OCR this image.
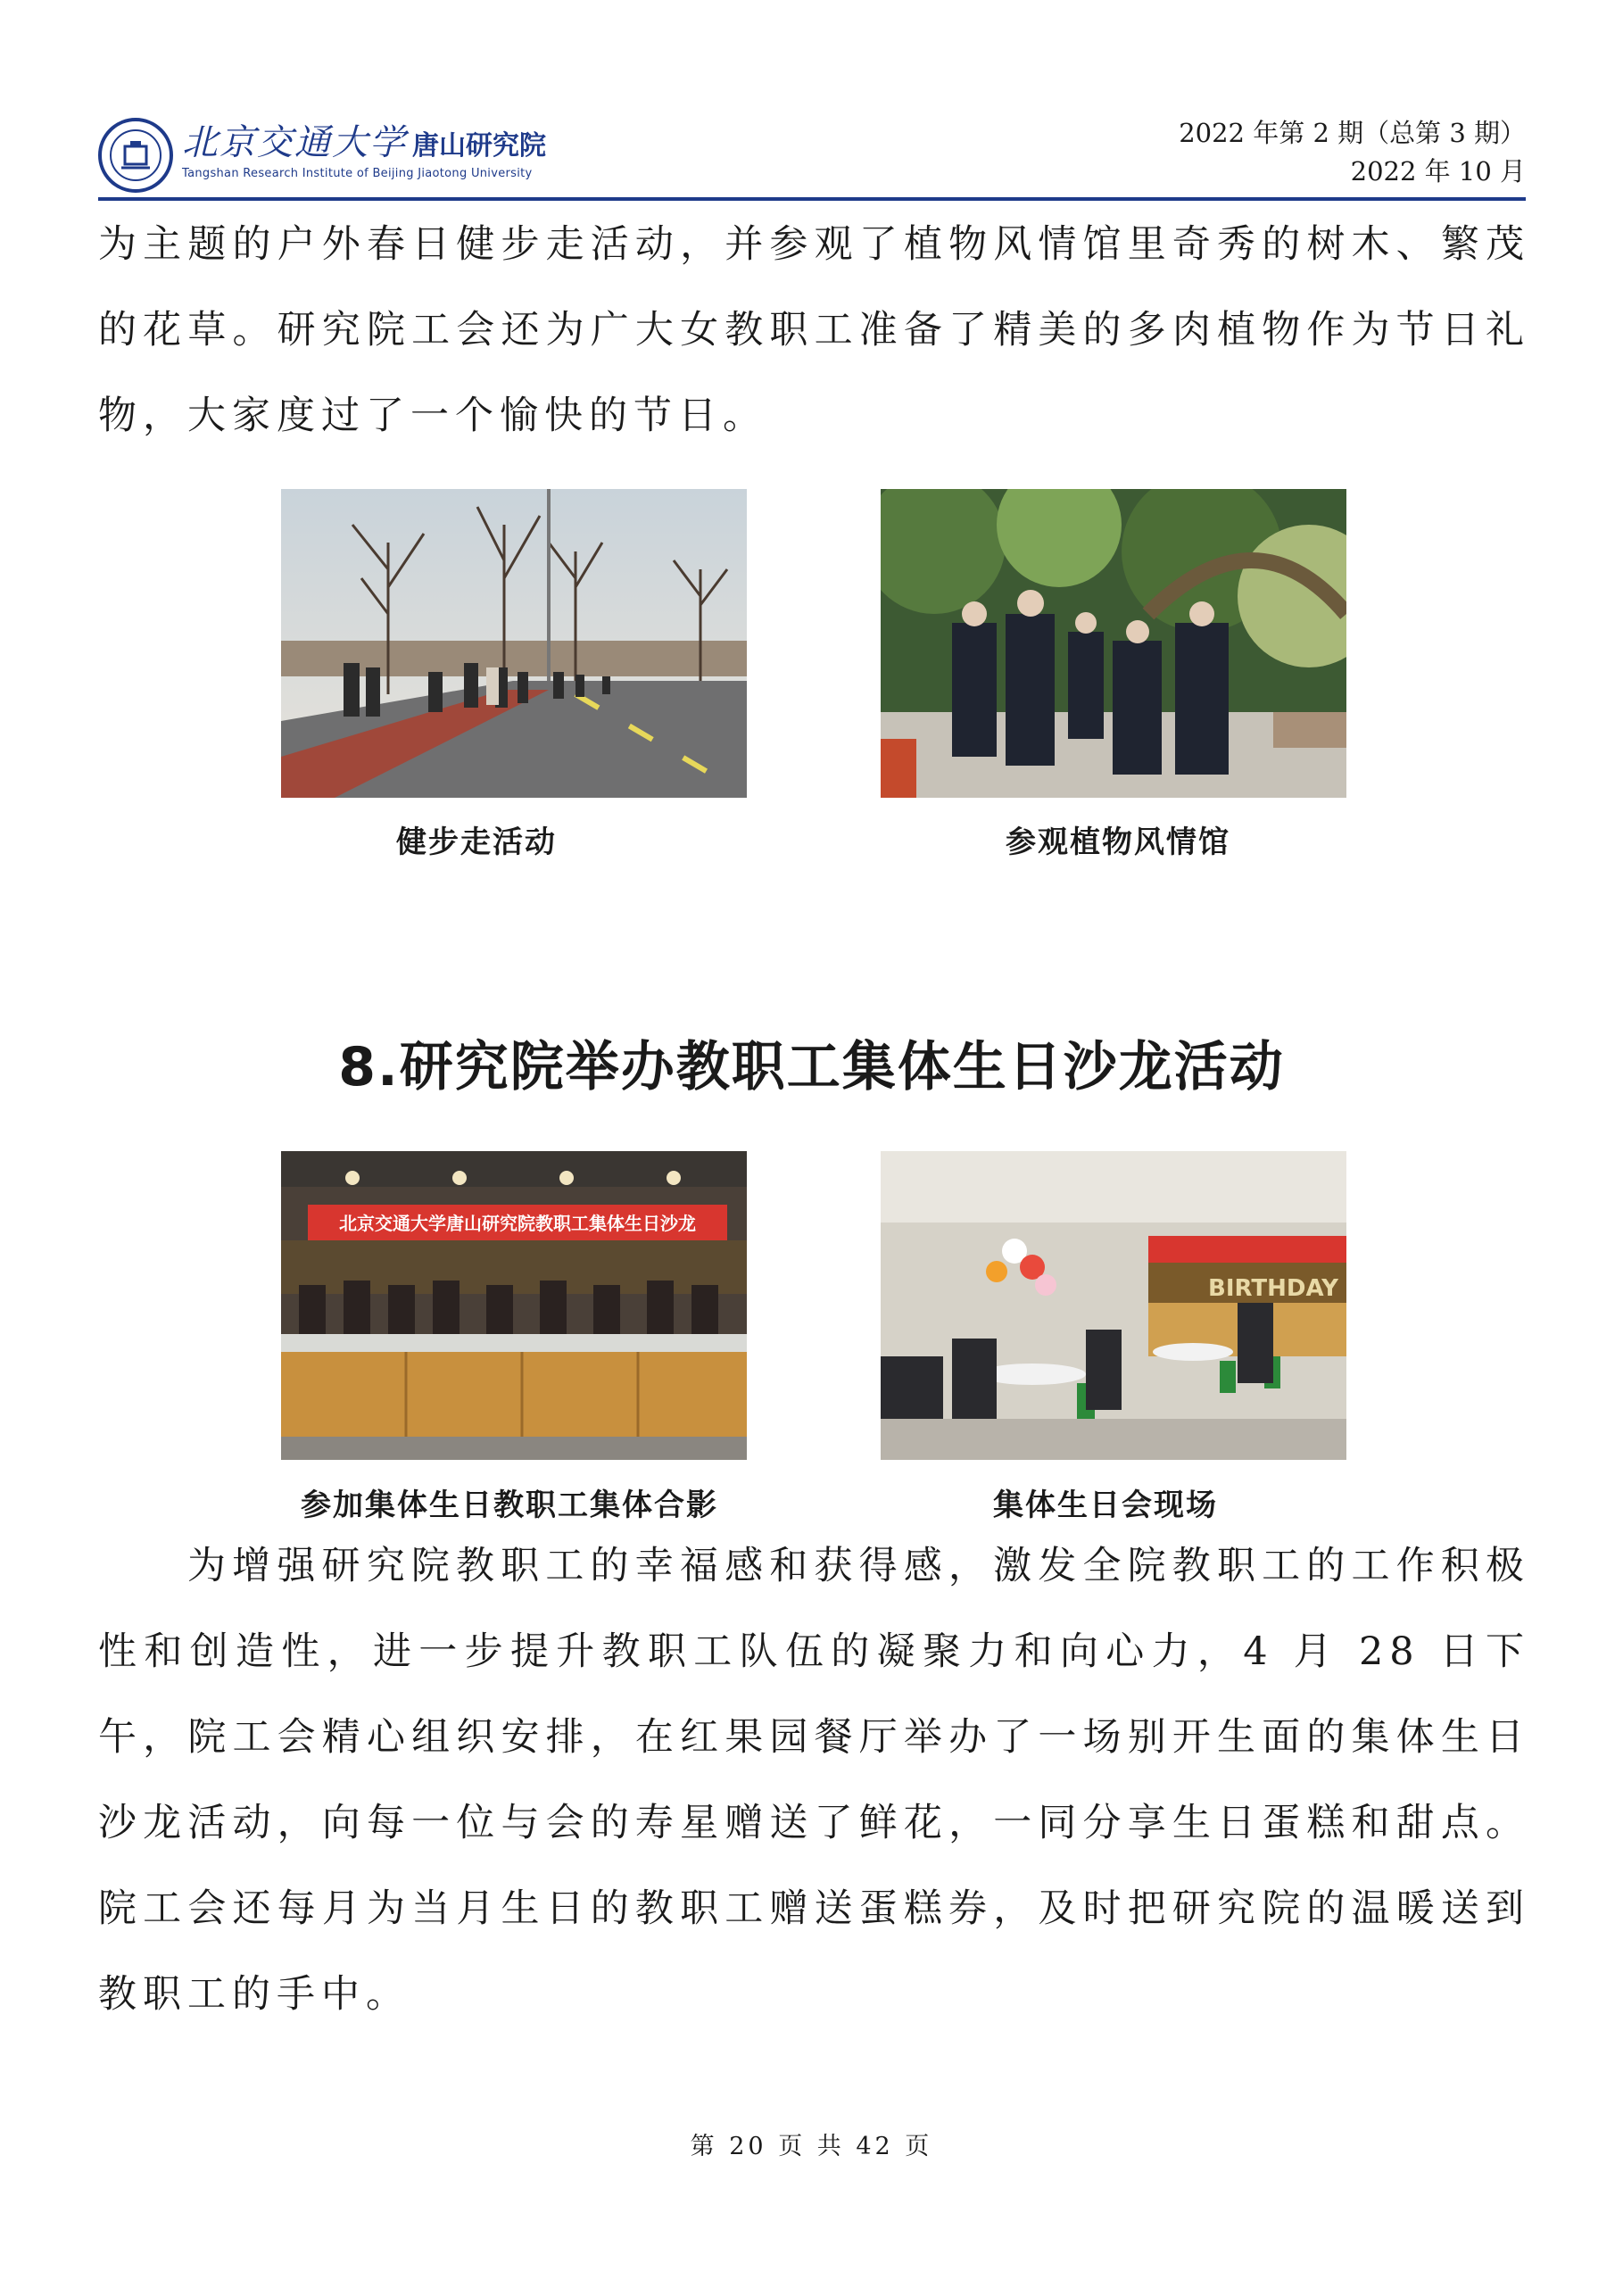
北京交通大学 唐山研究院
Tangshan Research Institute of Beijing Jiaotong University
2022 年第 2 期（总第 3 期）
2022 年 10 月

为主题的户外春日健步走活动，并参观了植物风情馆里奇秀的树木、繁茂的花草。研究院工会还为广大女教职工准备了精美的多肉植物作为节日礼物，大家度过了一个愉快的节日。

健步走活动	参观植物风情馆
8.研究院举办教职工集体生日沙龙活动
北京交通大学唐山研究院教职工集体生日沙龙
参加集体生日教职工集体合影
BIRTHDAY
集体生日会现场

为增强研究院教职工的幸福感和获得感，激发全院教职工的工作积极性和创造性，进一步提升教职工队伍的凝聚力和向心力，4 月 28 日下午，院工会精心组织安排，在红果园餐厅举办了一场别开生面的集体生日沙龙活动，向每一位与会的寿星赠送了鲜花，一同分享生日蛋糕和甜点。院工会还每月为当月生日的教职工赠送蛋糕券，及时把研究院的温暖送到教职工的手中。

第 20 页 共 42 页
